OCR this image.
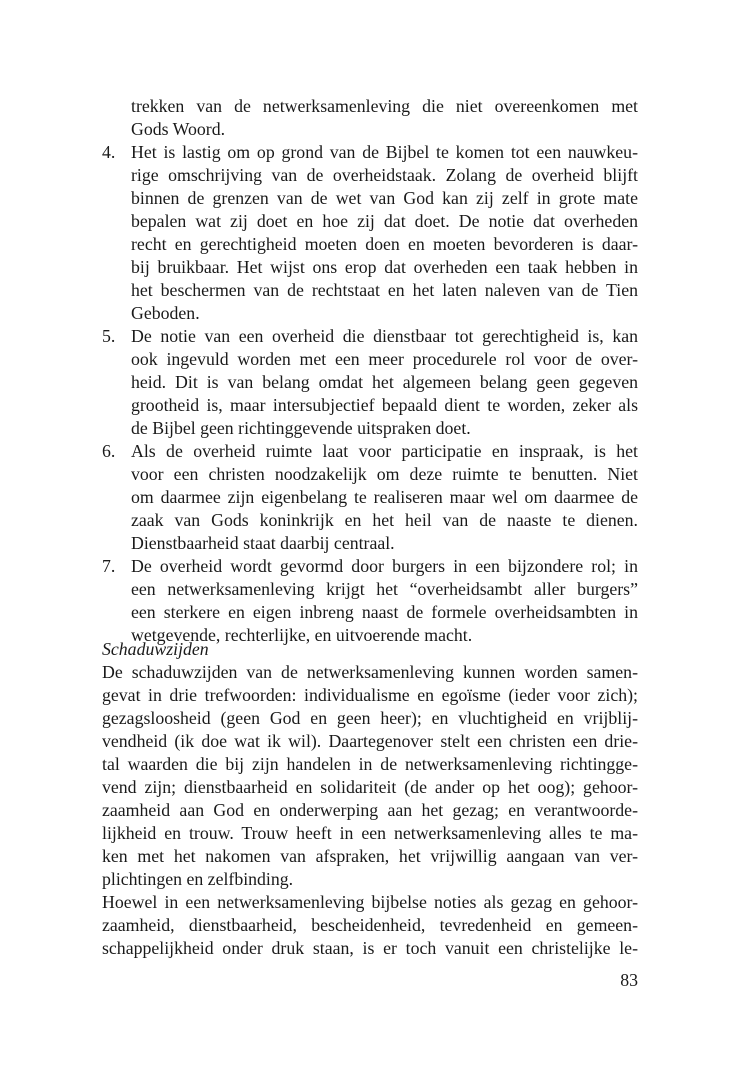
trekken van de netwerksamenleving die niet overeenkomen met
Gods Woord.
4. Het is lastig om op grond van de Bijbel te komen tot een nauwkeu-
rige omschrijving van de overheidstaak. Zolang de overheid blijft
binnen de grenzen van de wet van God kan zij zelf in grote mate
bepalen wat zij doet en hoe zij dat doet. De notie dat overheden
recht en gerechtigheid moeten doen en moeten bevorderen is daar-
bij bruikbaar. Het wijst ons erop dat overheden een taak hebben in
het beschermen van de rechtstaat en het laten naleven van de Tien
Geboden.
5. De notie van een overheid die dienstbaar tot gerechtigheid is, kan
ook ingevuld worden met een meer procedurele rol voor de over-
heid. Dit is van belang omdat het algemeen belang geen gegeven
grootheid is, maar intersubjectief bepaald dient te worden, zeker als
de Bijbel geen richtinggevende uitspraken doet.
6. Als de overheid ruimte laat voor participatie en inspraak, is het
voor een christen noodzakelijk om deze ruimte te benutten. Niet
om daarmee zijn eigenbelang te realiseren maar wel om daarmee de
zaak van Gods koninkrijk en het heil van de naaste te dienen.
Dienstbaarheid staat daarbij centraal.
7. De overheid wordt gevormd door burgers in een bijzondere rol; in
een netwerksamenleving krijgt het “overheidsambt aller burgers”
een sterkere en eigen inbreng naast de formele overheidsambten in
wetgevende, rechterlijke, en uitvoerende macht.
Schaduwzijden
De schaduwzijden van de netwerksamenleving kunnen worden samen-
gevat in drie trefwoorden: individualisme en egoïsme (ieder voor zich);
gezagsloosheid (geen God en geen heer); en vluchtigheid en vrijblij-
vendheid (ik doe wat ik wil). Daartegenover stelt een christen een drie-
tal waarden die bij zijn handelen in de netwerksamenleving richtingge-
vend zijn; dienstbaarheid en solidariteit (de ander op het oog); gehoor-
zaamheid aan God en onderwerping aan het gezag; en verantwoorde-
lijkheid en trouw. Trouw heeft in een netwerksamenleving alles te ma-
ken met het nakomen van afspraken, het vrijwillig aangaan van ver-
plichtingen en zelfbinding.
Hoewel in een netwerksamenleving bijbelse noties als gezag en gehoor-
zaamheid, dienstbaarheid, bescheidenheid, tevredenheid en gemeen-
schappelijkheid onder druk staan, is er toch vanuit een christelijke le-
83
